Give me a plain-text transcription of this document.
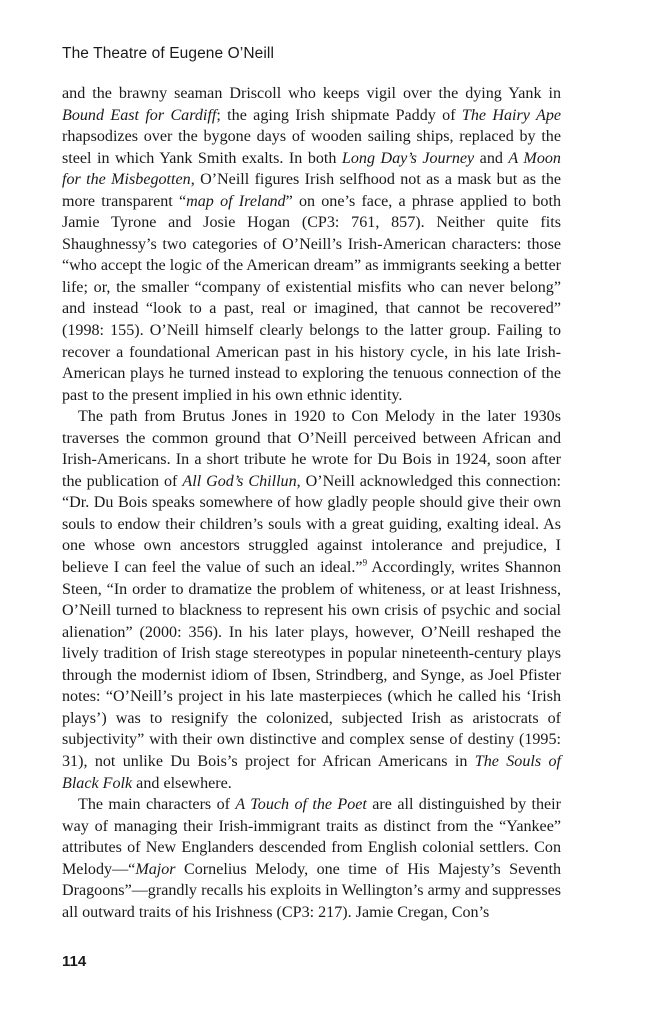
The Theatre of Eugene O’Neill

and the brawny seaman Driscoll who keeps vigil over the dying Yank in Bound East for Cardiff; the aging Irish shipmate Paddy of The Hairy Ape rhapsodizes over the bygone days of wooden sailing ships, replaced by the steel in which Yank Smith exalts. In both Long Day’s Journey and A Moon for the Misbegotten, O’Neill figures Irish selfhood not as a mask but as the more transparent “map of Ireland” on one’s face, a phrase applied to both Jamie Tyrone and Josie Hogan (CP3: 761, 857). Neither quite fits Shaughnessy’s two categories of O’Neill’s Irish-American characters: those “who accept the logic of the American dream” as immigrants seeking a better life; or, the smaller “company of existential misfits who can never belong” and instead “look to a past, real or imagined, that cannot be recovered” (1998: 155). O’Neill himself clearly belongs to the latter group. Failing to recover a foundational American past in his history cycle, in his late Irish-American plays he turned instead to exploring the tenuous connection of the past to the present implied in his own ethnic identity.

The path from Brutus Jones in 1920 to Con Melody in the later 1930s traverses the common ground that O’Neill perceived between African and Irish-Americans. In a short tribute he wrote for Du Bois in 1924, soon after the publication of All God’s Chillun, O’Neill acknowledged this connection: “Dr. Du Bois speaks somewhere of how gladly people should give their own souls to endow their children’s souls with a great guiding, exalting ideal. As one whose own ancestors struggled against intolerance and prejudice, I believe I can feel the value of such an ideal.”$^9$ Accordingly, writes Shannon Steen, “In order to dramatize the problem of whiteness, or at least Irishness, O’Neill turned to blackness to represent his own crisis of psychic and social alienation” (2000: 356). In his later plays, however, O’Neill reshaped the lively tradition of Irish stage stereotypes in popular nineteenth-century plays through the modernist idiom of Ibsen, Strindberg, and Synge, as Joel Pfister notes: “O’Neill’s project in his late masterpieces (which he called his ‘Irish plays’) was to resignify the colonized, subjected Irish as aristocrats of subjectivity” with their own distinctive and complex sense of destiny (1995: 31), not unlike Du Bois’s project for African Americans in The Souls of Black Folk and elsewhere.

The main characters of A Touch of the Poet are all distinguished by their way of managing their Irish-immigrant traits as distinct from the “Yankee” attributes of New Englanders descended from English colonial settlers. Con Melody—“Major Cornelius Melody, one time of His Majesty’s Seventh Dragoons”—grandly recalls his exploits in Wellington’s army and suppresses all outward traits of his Irishness (CP3: 217). Jamie Cregan, Con’s

114
